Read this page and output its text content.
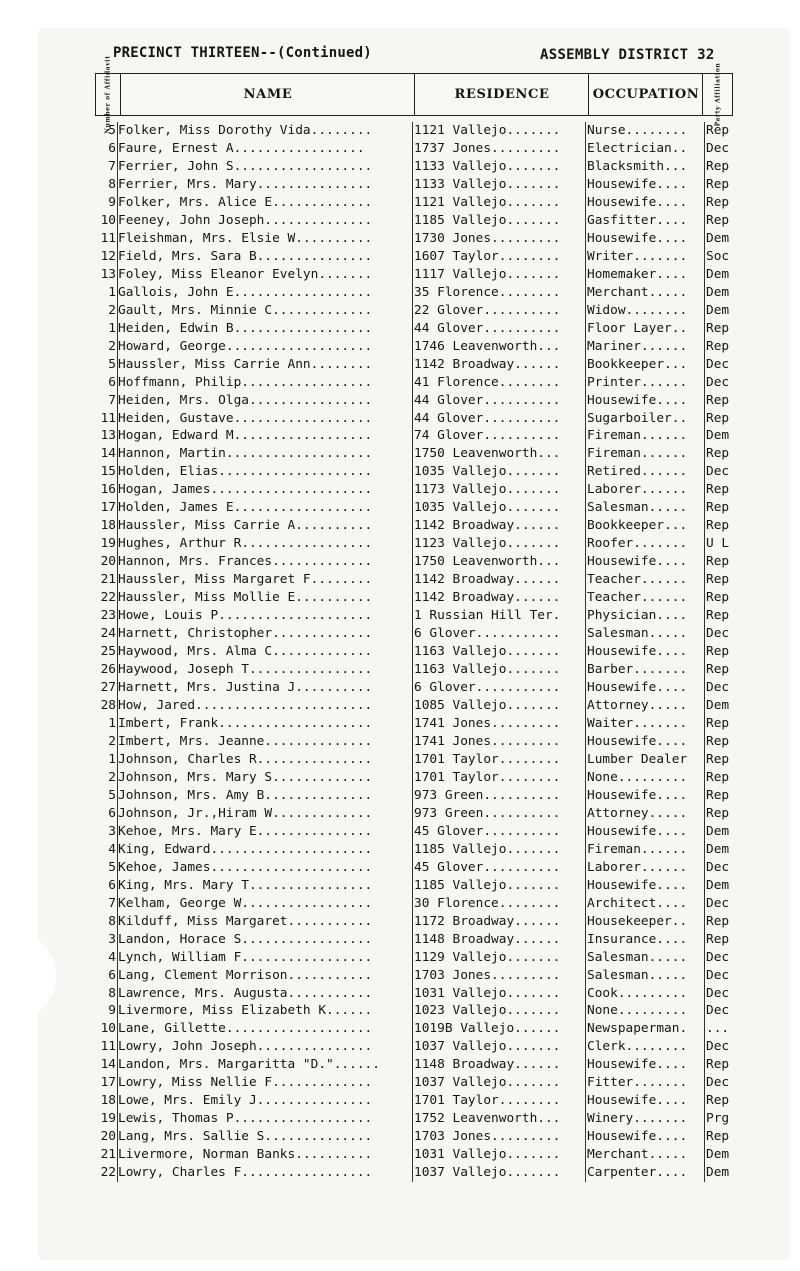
PRECINCT THIRTEEN--(Continued)	ASSEMBLY DISTRICT 32
Number of Affidavit	NAME	RESIDENCE	OCCUPATION	Party Affiliation
5 Folker, Miss Dorothy Vida........	1121 Vallejo.......	Nurse........	Rep
6 Faure, Ernest A.................	1737 Jones.........	Electrician..	Dec
7 Ferrier, John S..................	1133 Vallejo.......	Blacksmith...	Rep
8 Ferrier, Mrs. Mary...............	1133 Vallejo.......	Housewife....	Rep
9 Folker, Mrs. Alice E.............	1121 Vallejo.......	Housewife....	Rep
10 Feeney, John Joseph..............	1185 Vallejo.......	Gasfitter....	Rep
11 Fleishman, Mrs. Elsie W..........	1730 Jones.........	Housewife....	Dem
12 Field, Mrs. Sara B...............	1607 Taylor........	Writer.......	Soc
13 Foley, Miss Eleanor Evelyn.......	1117 Vallejo.......	Homemaker....	Dem
1 Gallois, John E..................	35 Florence........	Merchant.....	Dem
2 Gault, Mrs. Minnie C.............	22 Glover..........	Widow........	Dem
1 Heiden, Edwin B..................	44 Glover..........	Floor Layer..	Rep
2 Howard, George...................	1746 Leavenworth...	Mariner......	Rep
5 Haussler, Miss Carrie Ann........	1142 Broadway......	Bookkeeper...	Dec
6 Hoffmann, Philip.................	41 Florence........	Printer......	Dec
7 Heiden, Mrs. Olga................	44 Glover..........	Housewife....	Rep
11 Heiden, Gustave..................	44 Glover..........	Sugarboiler..	Rep
13 Hogan, Edward M..................	74 Glover..........	Fireman......	Dem
14 Hannon, Martin...................	1750 Leavenworth...	Fireman......	Rep
15 Holden, Elias....................	1035 Vallejo.......	Retired......	Dec
16 Hogan, James.....................	1173 Vallejo.......	Laborer......	Rep
17 Holden, James E..................	1035 Vallejo.......	Salesman.....	Rep
18 Haussler, Miss Carrie A..........	1142 Broadway......	Bookkeeper...	Rep
19 Hughes, Arthur R.................	1123 Vallejo.......	Roofer.......	U L
20 Hannon, Mrs. Frances.............	1750 Leavenworth...	Housewife....	Rep
21 Haussler, Miss Margaret F........	1142 Broadway......	Teacher......	Rep
22 Haussler, Miss Mollie E..........	1142 Broadway......	Teacher......	Rep
23 Howe, Louis P....................	1 Russian Hill Ter.	Physician....	Rep
24 Harnett, Christopher.............	6 Glover...........	Salesman.....	Dec
25 Haywood, Mrs. Alma C.............	1163 Vallejo.......	Housewife....	Rep
26 Haywood, Joseph T................	1163 Vallejo.......	Barber.......	Rep
27 Harnett, Mrs. Justina J..........	6 Glover...........	Housewife....	Dec
28 How, Jared.......................	1085 Vallejo.......	Attorney.....	Dem
1 Imbert, Frank....................	1741 Jones.........	Waiter.......	Rep
2 Imbert, Mrs. Jeanne..............	1741 Jones.........	Housewife....	Rep
1 Johnson, Charles R...............	1701 Taylor........	Lumber Dealer	Rep
2 Johnson, Mrs. Mary S.............	1701 Taylor........	None.........	Rep
5 Johnson, Mrs. Amy B..............	973 Green..........	Housewife....	Rep
6 Johnson, Jr.,Hiram W.............	973 Green..........	Attorney.....	Rep
3 Kehoe, Mrs. Mary E...............	45 Glover..........	Housewife....	Dem
4 King, Edward.....................	1185 Vallejo.......	Fireman......	Dem
5 Kehoe, James.....................	45 Glover..........	Laborer......	Dec
6 King, Mrs. Mary T................	1185 Vallejo.......	Housewife....	Dem
7 Kelham, George W.................	30 Florence........	Architect....	Dec
8 Kilduff, Miss Margaret...........	1172 Broadway......	Housekeeper..	Rep
3 Landon, Horace S.................	1148 Broadway......	Insurance....	Rep
4 Lynch, William F.................	1129 Vallejo.......	Salesman.....	Dec
6 Lang, Clement Morrison...........	1703 Jones.........	Salesman.....	Dec
8 Lawrence, Mrs. Augusta...........	1031 Vallejo.......	Cook.........	Dec
9 Livermore, Miss Elizabeth K......	1023 Vallejo.......	None.........	Dec
10 Lane, Gillette...................	1019B Vallejo......	Newspaperman.	...
11 Lowry, John Joseph...............	1037 Vallejo.......	Clerk........	Dec
14 Landon, Mrs. Margaritta "D."......	1148 Broadway......	Housewife....	Rep
17 Lowry, Miss Nellie F.............	1037 Vallejo.......	Fitter.......	Dec
18 Lowe, Mrs. Emily J...............	1701 Taylor........	Housewife....	Rep
19 Lewis, Thomas P..................	1752 Leavenworth...	Winery.......	Prg
20 Lang, Mrs. Sallie S..............	1703 Jones.........	Housewife....	Rep
21 Livermore, Norman Banks..........	1031 Vallejo.......	Merchant.....	Dem
22 Lowry, Charles F.................	1037 Vallejo.......	Carpenter....	Dem
